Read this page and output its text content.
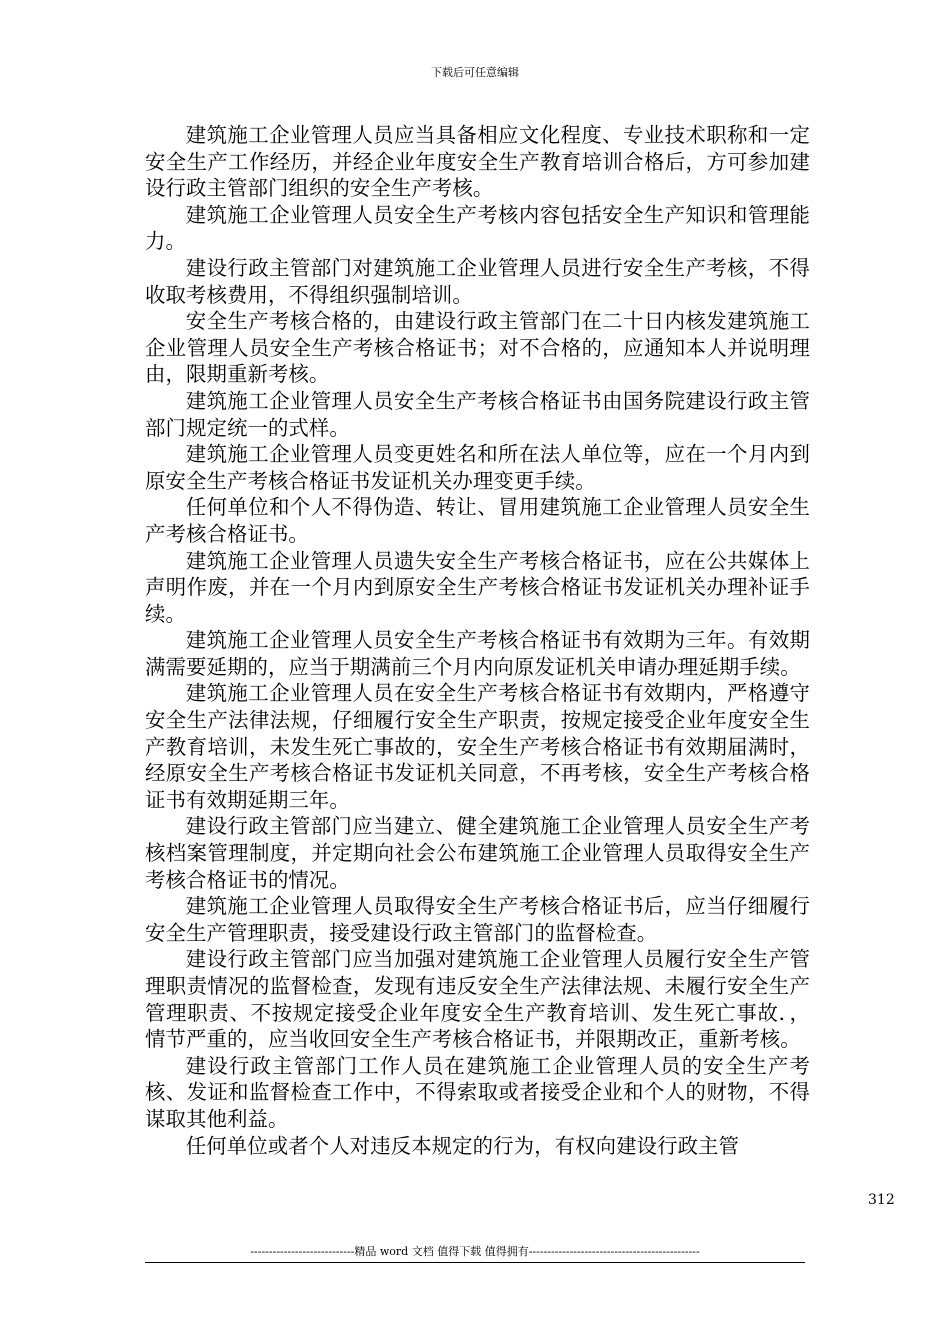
下载后可任意编辑

建筑施工企业管理人员应当具备相应文化程度、专业技术职称和一定安全生产工作经历，并经企业年度安全生产教育培训合格后，方可参加建设行政主管部门组织的安全生产考核。

建筑施工企业管理人员安全生产考核内容包括安全生产知识和管理能力。

建设行政主管部门对建筑施工企业管理人员进行安全生产考核，不得收取考核费用，不得组织强制培训。

安全生产考核合格的，由建设行政主管部门在二十日内核发建筑施工企业管理人员安全生产考核合格证书；对不合格的，应通知本人并说明理由，限期重新考核。

建筑施工企业管理人员安全生产考核合格证书由国务院建设行政主管部门规定统一的式样。

建筑施工企业管理人员变更姓名和所在法人单位等，应在一个月内到原安全生产考核合格证书发证机关办理变更手续。

任何单位和个人不得伪造、转让、冒用建筑施工企业管理人员安全生产考核合格证书。

建筑施工企业管理人员遗失安全生产考核合格证书，应在公共媒体上声明作废，并在一个月内到原安全生产考核合格证书发证机关办理补证手续。

建筑施工企业管理人员安全生产考核合格证书有效期为三年。有效期满需要延期的，应当于期满前三个月内向原发证机关申请办理延期手续。

建筑施工企业管理人员在安全生产考核合格证书有效期内，严格遵守安全生产法律法规，仔细履行安全生产职责，按规定接受企业年度安全生产教育培训，未发生死亡事故的，安全生产考核合格证书有效期届满时，经原安全生产考核合格证书发证机关同意，不再考核，安全生产考核合格证书有效期延期三年。

建设行政主管部门应当建立、健全建筑施工企业管理人员安全生产考核档案管理制度，并定期向社会公布建筑施工企业管理人员取得安全生产考核合格证书的情况。

建筑施工企业管理人员取得安全生产考核合格证书后，应当仔细履行安全生产管理职责，接受建设行政主管部门的监督检查。

建设行政主管部门应当加强对建筑施工企业管理人员履行安全生产管理职责情况的监督检查，发现有违反安全生产法律法规、未履行安全生产管理职责、不按规定接受企业年度安全生产教育培训、发生死亡事故．，情节严重的，应当收回安全生产考核合格证书，并限期改正，重新考核。

建设行政主管部门工作人员在建筑施工企业管理人员的安全生产考核、发证和监督检查工作中，不得索取或者接受企业和个人的财物，不得谋取其他利益。

任何单位或者个人对违反本规定的行为，有权向建设行政主管

312
----------------------------精品 word 文档 值得下载 值得拥有----------------------------------------------
